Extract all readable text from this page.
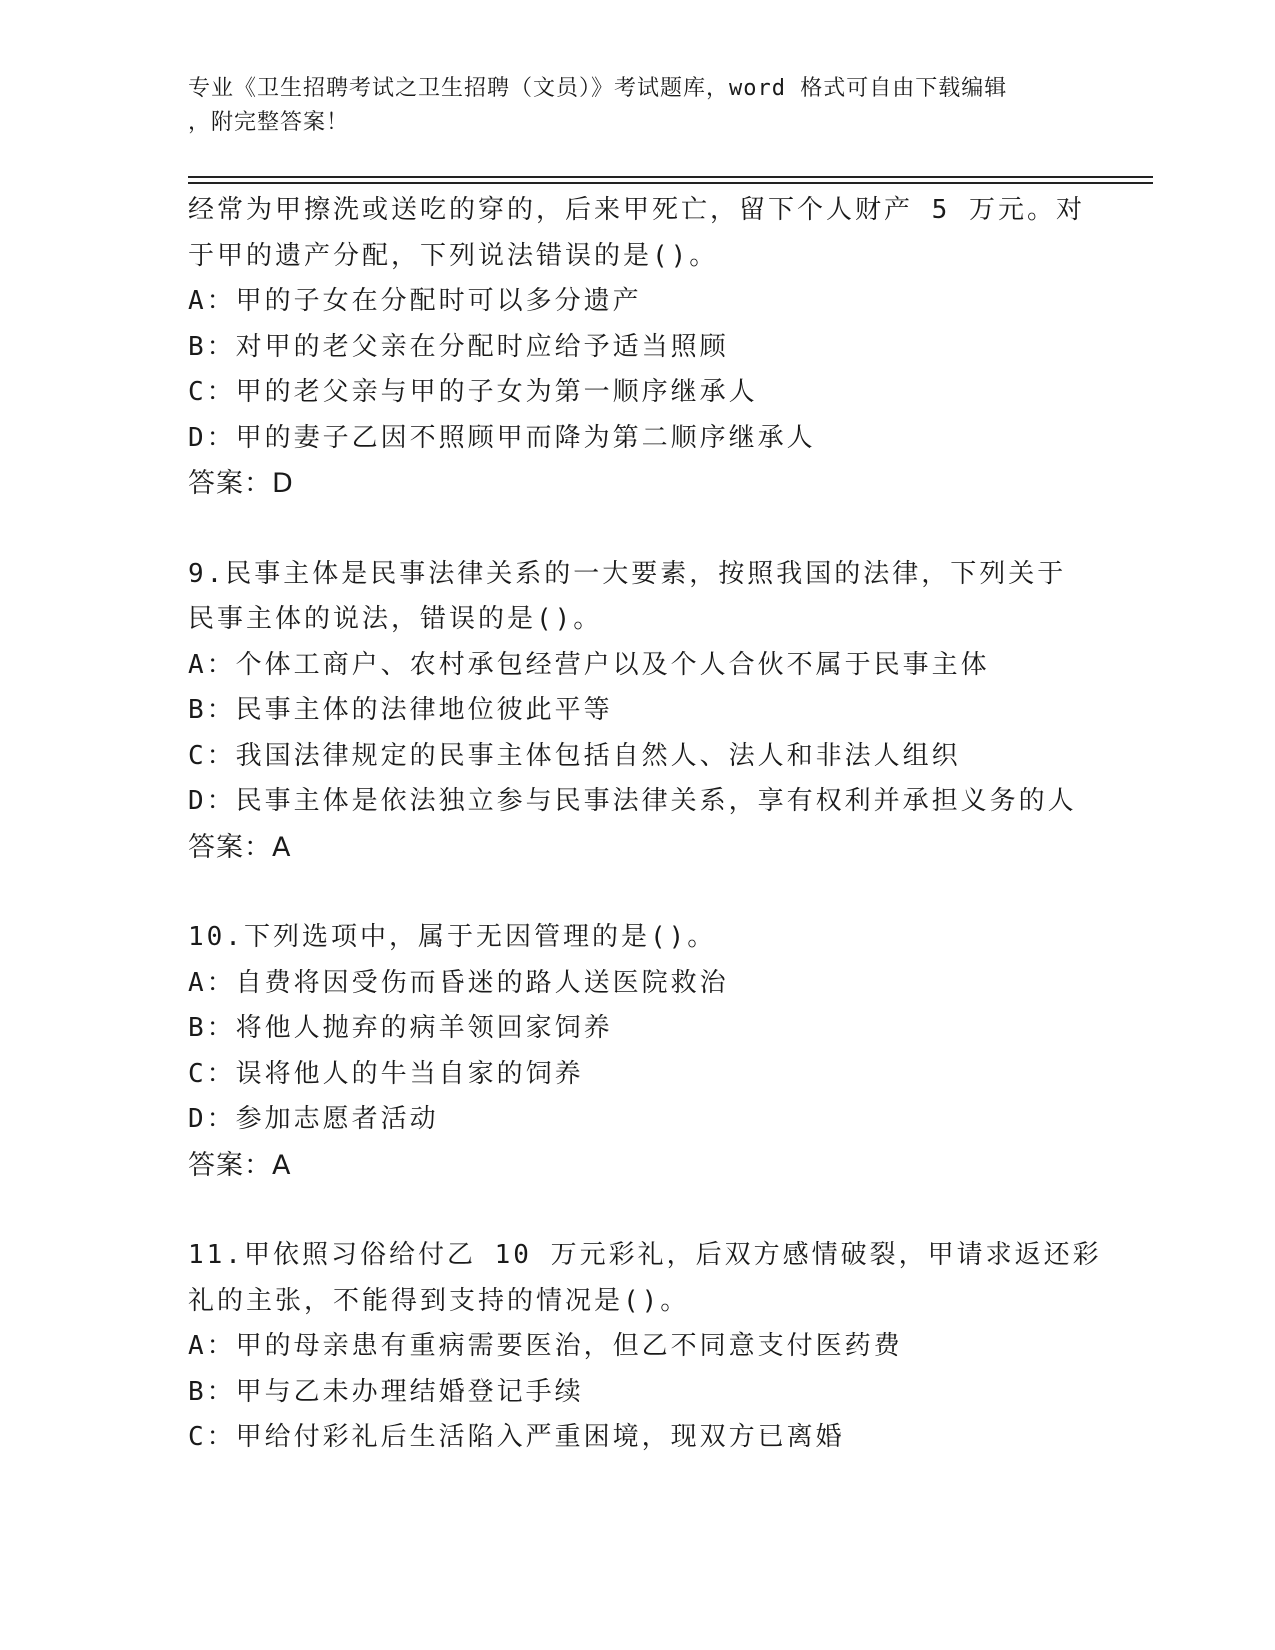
专业《卫生招聘考试之卫生招聘（文员）》考试题库，word 格式可自由下载编辑
，附完整答案！
经常为甲擦洗或送吃的穿的，后来甲死亡，留下个人财产 5 万元。对
于甲的遗产分配，下列说法错误的是()。
A：甲的子女在分配时可以多分遗产
B：对甲的老父亲在分配时应给予适当照顾
C：甲的老父亲与甲的子女为第一顺序继承人
D：甲的妻子乙因不照顾甲而降为第二顺序继承人
答案：D
9.民事主体是民事法律关系的一大要素，按照我国的法律，下列关于
民事主体的说法，错误的是()。
A：个体工商户、农村承包经营户以及个人合伙不属于民事主体
B：民事主体的法律地位彼此平等
C：我国法律规定的民事主体包括自然人、法人和非法人组织
D：民事主体是依法独立参与民事法律关系，享有权利并承担义务的人
答案：A
10.下列选项中，属于无因管理的是()。
A：自费将因受伤而昏迷的路人送医院救治
B：将他人抛弃的病羊领回家饲养
C：误将他人的牛当自家的饲养
D：参加志愿者活动
答案：A
11.甲依照习俗给付乙 10 万元彩礼，后双方感情破裂，甲请求返还彩
礼的主张，不能得到支持的情况是()。
A：甲的母亲患有重病需要医治，但乙不同意支付医药费
B：甲与乙未办理结婚登记手续
C：甲给付彩礼后生活陷入严重困境，现双方已离婚
